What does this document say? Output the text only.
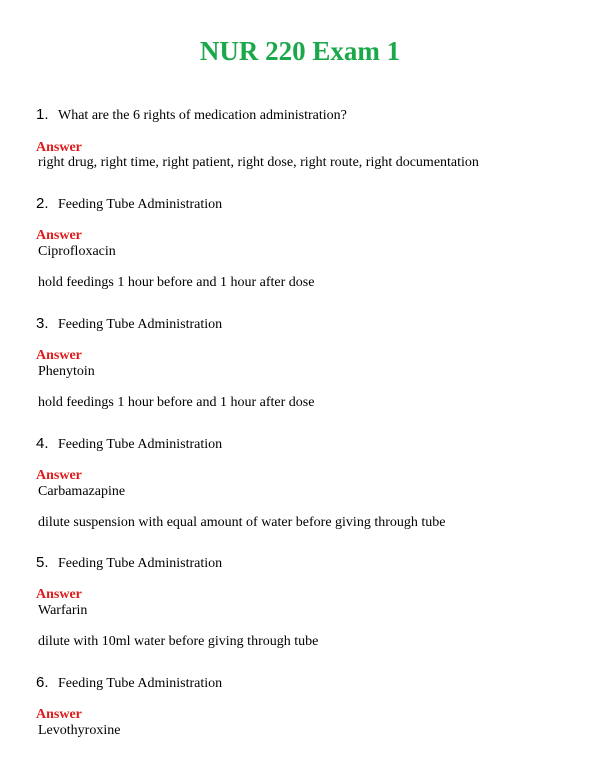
NUR 220 Exam 1
1. What are the 6 rights of medication administration?
Answer
right drug, right time, right patient, right dose, right route, right documentation
2. Feeding Tube Administration
Answer
Ciprofloxacin
hold feedings 1 hour before and 1 hour after dose
3. Feeding Tube Administration
Answer
Phenytoin
hold feedings 1 hour before and 1 hour after dose
4. Feeding Tube Administration
Answer
Carbamazapine
dilute suspension with equal amount of water before giving through tube
5. Feeding Tube Administration
Answer
Warfarin
dilute with 10ml water before giving through tube
6. Feeding Tube Administration
Answer
Levothyroxine
